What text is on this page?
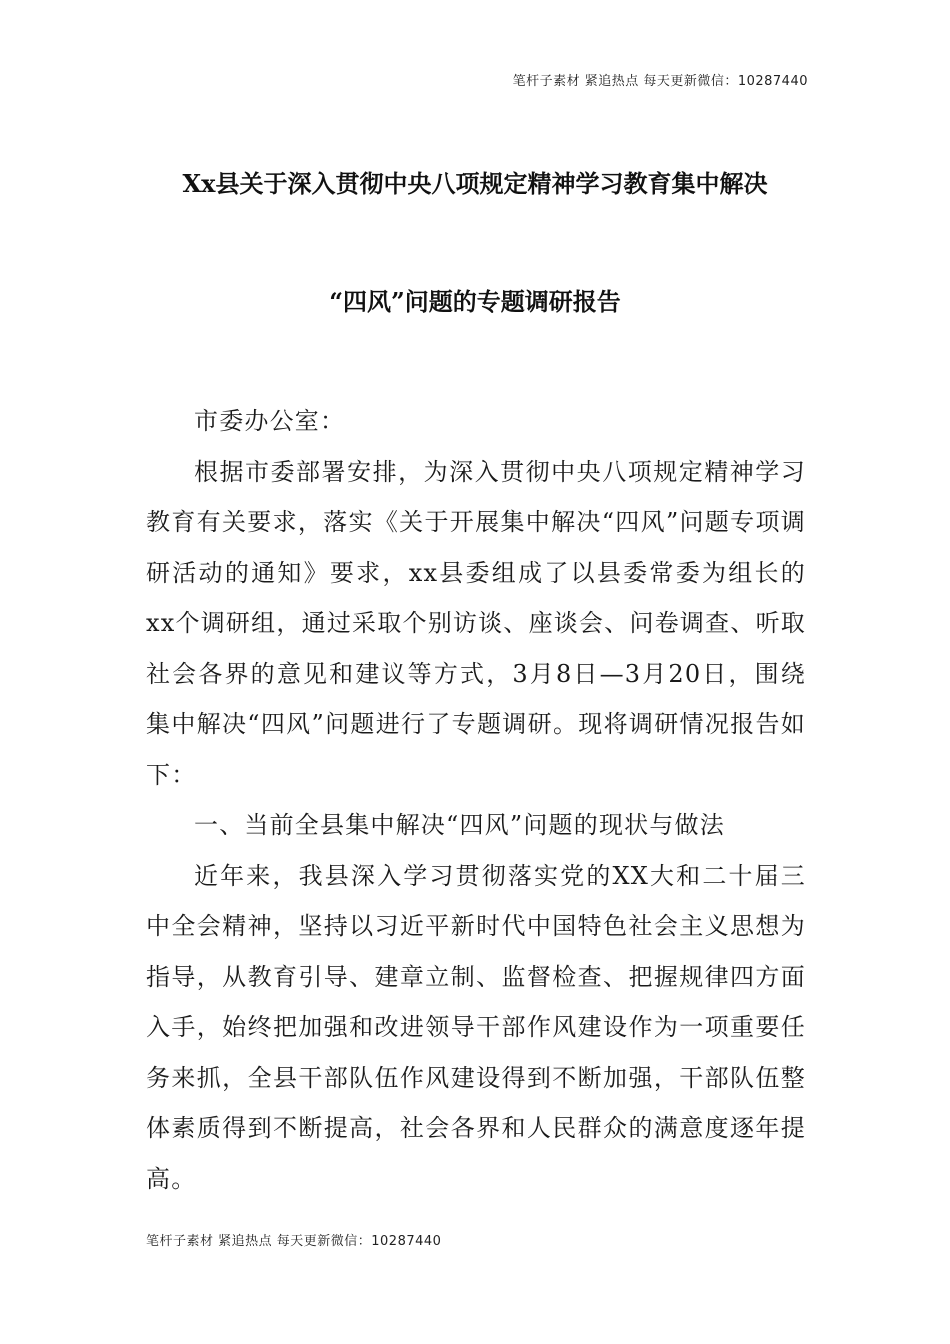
笔杆子素材 紧追热点 每天更新微信：10287440
Xx县关于深入贯彻中央八项规定精神学习教育集中解决
“四风”问题的专题调研报告

市委办公室：

根据市委部署安排，为深入贯彻中央八项规定精神学习教育有关要求，落实《关于开展集中解决“四风”问题专项调研活动的通知》要求，xx县委组成了以县委常委为组长的xx个调研组，通过采取个别访谈、座谈会、问卷调查、听取社会各界的意见和建议等方式，3月8日—3月20日，围绕集中解决“四风”问题进行了专题调研。现将调研情况报告如下：

一、当前全县集中解决“四风”问题的现状与做法

近年来，我县深入学习贯彻落实党的XX大和二十届三中全会精神，坚持以习近平新时代中国特色社会主义思想为指导，从教育引导、建章立制、监督检查、把握规律四方面入手，始终把加强和改进领导干部作风建设作为一项重要任务来抓，全县干部队伍作风建设得到不断加强，干部队伍整体素质得到不断提高，社会各界和人民群众的满意度逐年提高。

笔杆子素材 紧追热点 每天更新微信：10287440
